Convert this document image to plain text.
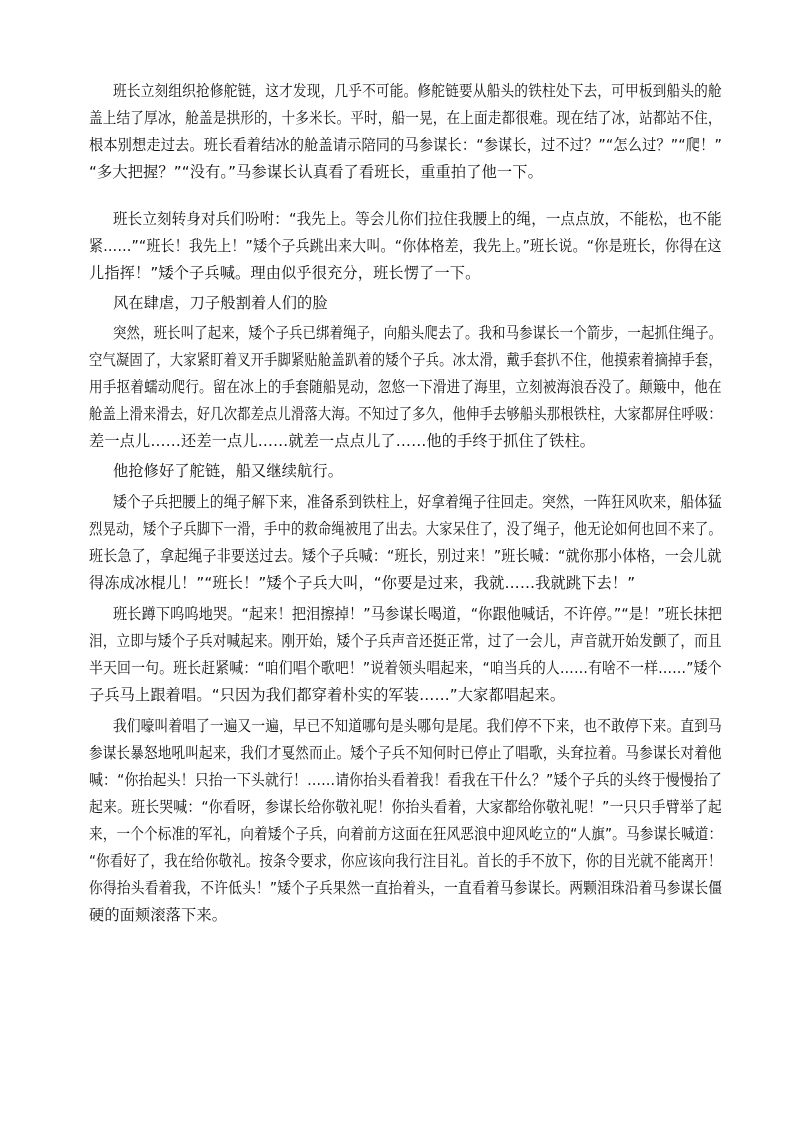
班长立刻组织抢修舵链，这才发现，几乎不可能。修舵链要从船头的铁柱处下去，可甲板到船头的舱
盖上结了厚冰，舱盖是拱形的，十多米长。平时，船一晃，在上面走都很难。现在结了冰，站都站不住，
根本别想走过去。班长看着结冰的舱盖请示陪同的马参谋长：“参谋长，过不过？”“怎么过？”“爬！”
“多大把握？”“没有。”马参谋长认真看了看班长，重重拍了他一下。
班长立刻转身对兵们吩咐：“我先上。等会儿你们拉住我腰上的绳，一点点放，不能松，也不能
紧……”“班长！我先上！”矮个子兵跳出来大叫。“你体格差，我先上。”班长说。“你是班长，你得在这
儿指挥！”矮个子兵喊。理由似乎很充分，班长愣了一下。
风在肆虐，刀子般割着人们的脸
突然，班长叫了起来，矮个子兵已绑着绳子，向船头爬去了。我和马参谋长一个箭步，一起抓住绳子。
空气凝固了，大家紧盯着叉开手脚紧贴舱盖趴着的矮个子兵。冰太滑，戴手套扒不住，他摸索着摘掉手套，
用手抠着蠕动爬行。留在冰上的手套随船晃动，忽悠一下滑进了海里，立刻被海浪吞没了。颠簸中，他在
舱盖上滑来滑去，好几次都差点儿滑落大海。不知过了多久，他伸手去够船头那根铁柱，大家都屏住呼吸：
差一点儿……还差一点儿……就差一点点儿了……他的手终于抓住了铁柱。
他抢修好了舵链，船又继续航行。
矮个子兵把腰上的绳子解下来，准备系到铁柱上，好拿着绳子往回走。突然，一阵狂风吹来，船体猛
烈晃动，矮个子兵脚下一滑，手中的救命绳被甩了出去。大家呆住了，没了绳子，他无论如何也回不来了。
班长急了，拿起绳子非要送过去。矮个子兵喊：“班长，别过来！”班长喊：“就你那小体格，一会儿就
得冻成冰棍儿！”“班长！”矮个子兵大叫，“你要是过来，我就……我就跳下去！”
班长蹲下呜呜地哭。“起来！把泪擦掉！”马参谋长喝道，“你跟他喊话，不许停。”“是！”班长抹把
泪，立即与矮个子兵对喊起来。刚开始，矮个子兵声音还挺正常，过了一会儿，声音就开始发颤了，而且
半天回一句。班长赶紧喊：“咱们唱个歌吧！”说着领头唱起来，“咱当兵的人……有啥不一样……”矮个
子兵马上跟着唱。“只因为我们都穿着朴实的军装……”大家都唱起来。
我们嚎叫着唱了一遍又一遍，早已不知道哪句是头哪句是尾。我们停不下来，也不敢停下来。直到马
参谋长暴怒地吼叫起来，我们才戛然而止。矮个子兵不知何时已停止了唱歌，头耷拉着。马参谋长对着他
喊：“你抬起头！只抬一下头就行！……请你抬头看着我！看我在干什么？”矮个子兵的头终于慢慢抬了
起来。班长哭喊：“你看呀，参谋长给你敬礼呢！你抬头看着，大家都给你敬礼呢！”一只只手臂举了起
来，一个个标准的军礼，向着矮个子兵，向着前方这面在狂风恶浪中迎风屹立的“人旗”。马参谋长喊道：
“你看好了，我在给你敬礼。按条令要求，你应该向我行注目礼。首长的手不放下，你的目光就不能离开！
你得抬头看着我，不许低头！”矮个子兵果然一直抬着头，一直看着马参谋长。两颗泪珠沿着马参谋长僵
硬的面颊滚落下来。
